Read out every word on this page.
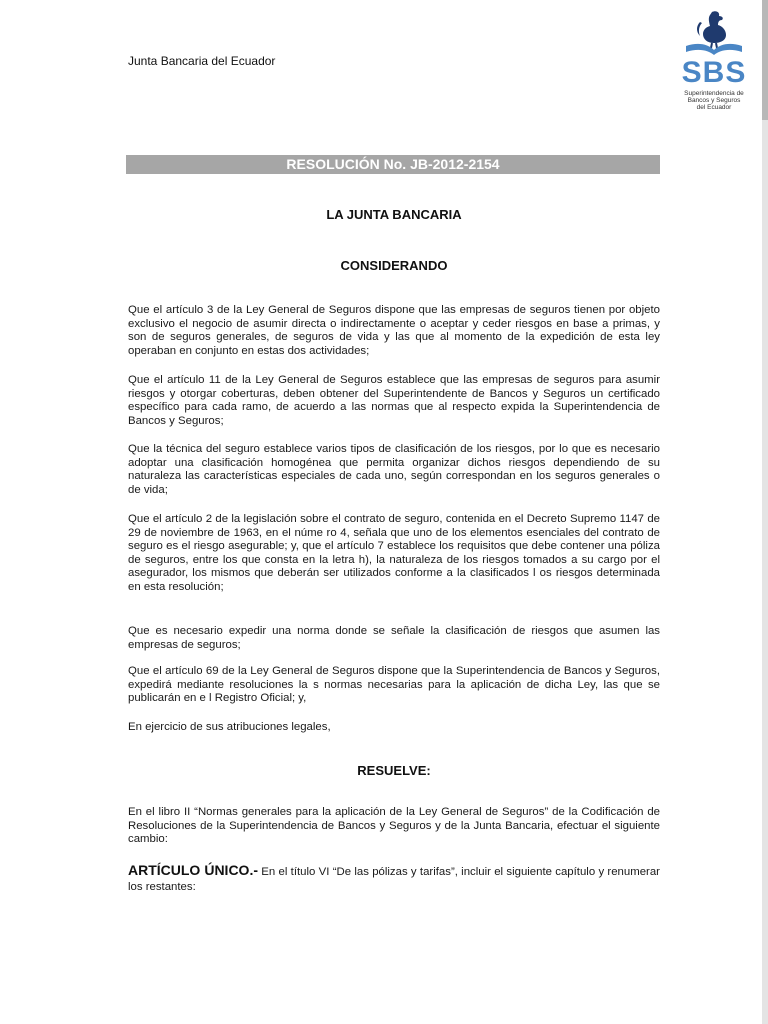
Junta Bancaria del Ecuador	SBS
Superintendencia de
Bancos y Seguros
del Ecuador
RESOLUCIÓN No. JB-2012-2154
LA JUNTA BANCARIA
CONSIDERANDO
Que el artículo 3 de la Ley General de Seguros dispone que las empresas de seguros tienen por objeto exclusivo el negocio de asumir directa o indirectamente o aceptar y ceder riesgos en base a primas, y son de seguros generales, de seguros de vida y las que al momento de la expedición de esta ley operaban en conjunto en estas dos actividades;
Que el artículo 11 de la Ley General de Seguros establece que las empresas de seguros para asumir riesgos y otorgar coberturas, deben obtener del Superintendente de Bancos y Seguros un certificado específico para cada ramo, de acuerdo a las normas que al respecto expida la Superintendencia de Bancos y Seguros;
Que la técnica del seguro establece varios tipos de clasificación de los riesgos, por lo que es necesario adoptar una clasificación homogénea que permita organizar dichos riesgos dependiendo de su naturaleza las características especiales de cada uno, según correspondan en los seguros generales o de vida;
Que el artículo 2 de la legislación sobre el contrato de seguro, contenida en el Decreto Supremo 1147 de 29 de noviembre de 1963, en el núme ro 4, señala que uno de los elementos esenciales del contrato de seguro es el riesgo asegurable; y, que el artículo 7 establece los requisitos que debe contener una póliza de seguros, entre los que consta en la letra h), la naturaleza de los riesgos tomados a su cargo por el asegurador, los mismos que deberán ser utilizados conforme a la clasificados l os riesgos determinada en esta resolución;
Que es necesario expedir una norma donde se señale la clasificación de riesgos que asumen las empresas de seguros;
Que el artículo 69 de la Ley General de Seguros dispone que la Superintendencia de Bancos y Seguros, expedirá mediante resoluciones la s normas necesarias para la aplicación de dicha Ley, las que se publicarán en e l Registro Oficial; y,
En ejercicio de sus atribuciones legales,
RESUELVE:
En el libro II “Normas generales para la aplicación de la Ley General de Seguros” de la Codificación de Resoluciones de la Superintendencia de Bancos y Seguros y de la Junta Bancaria, efectuar el siguiente cambio:
ARTÍCULO ÚNICO.- En el título VI “De las pólizas y tarifas”, incluir el siguiente capítulo y renumerar los restantes:
